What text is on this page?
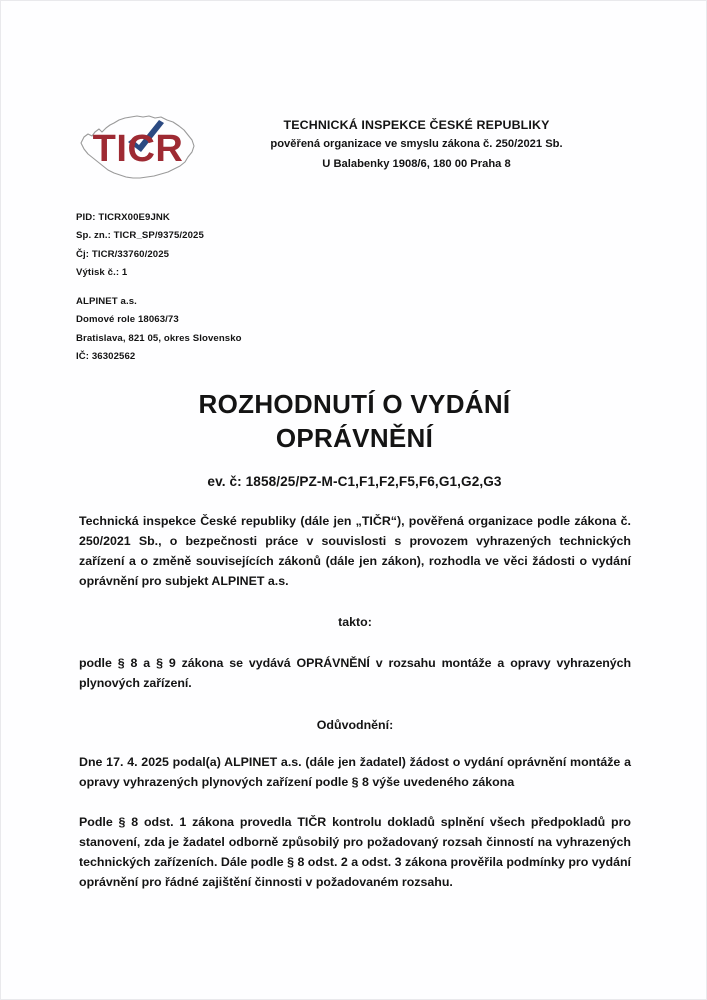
TICR
TECHNICKÁ INSPEKCE ČESKÉ REPUBLIKY
pověřená organizace ve smyslu zákona č. 250/2021 Sb.
U Balabenky 1908/6, 180 00 Praha 8
PID: TICRX00E9JNK
Sp. zn.: TICR_SP/9375/2025
Čj: TICR/33760/2025
Výtisk č.: 1
ALPINET a.s.
Domové role 18063/73
Bratislava, 821 05, okres Slovensko
IČ: 36302562
ROZHODNUTÍ O VYDÁNÍ
OPRÁVNĚNÍ
ev. č: 1858/25/PZ-M-C1,F1,F2,F5,F6,G1,G2,G3

Technická inspekce České republiky (dále jen „TIČR“), pověřená organizace podle zákona č. 250/2021 Sb., o bezpečnosti práce v souvislosti s provozem vyhrazených technických zařízení a o změně souvisejících zákonů (dále jen zákon), rozhodla ve věci žádosti o vydání oprávnění pro subjekt ALPINET a.s.

takto:

podle § 8 a § 9 zákona se vydává OPRÁVNĚNÍ v rozsahu montáže a opravy vyhrazených plynových zařízení.

Odůvodnění:

Dne 17. 4. 2025 podal(a) ALPINET a.s. (dále jen žadatel) žádost o vydání oprávnění montáže a opravy vyhrazených plynových zařízení podle § 8 výše uvedeného zákona

Podle § 8 odst. 1 zákona provedla TIČR kontrolu dokladů splnění všech předpokladů pro stanovení, zda je žadatel odborně způsobilý pro požadovaný rozsah činností na vyhrazených technických zařízeních. Dále podle § 8 odst. 2 a odst. 3 zákona prověřila podmínky pro vydání oprávnění pro řádné zajištění činnosti v požadovaném rozsahu.
